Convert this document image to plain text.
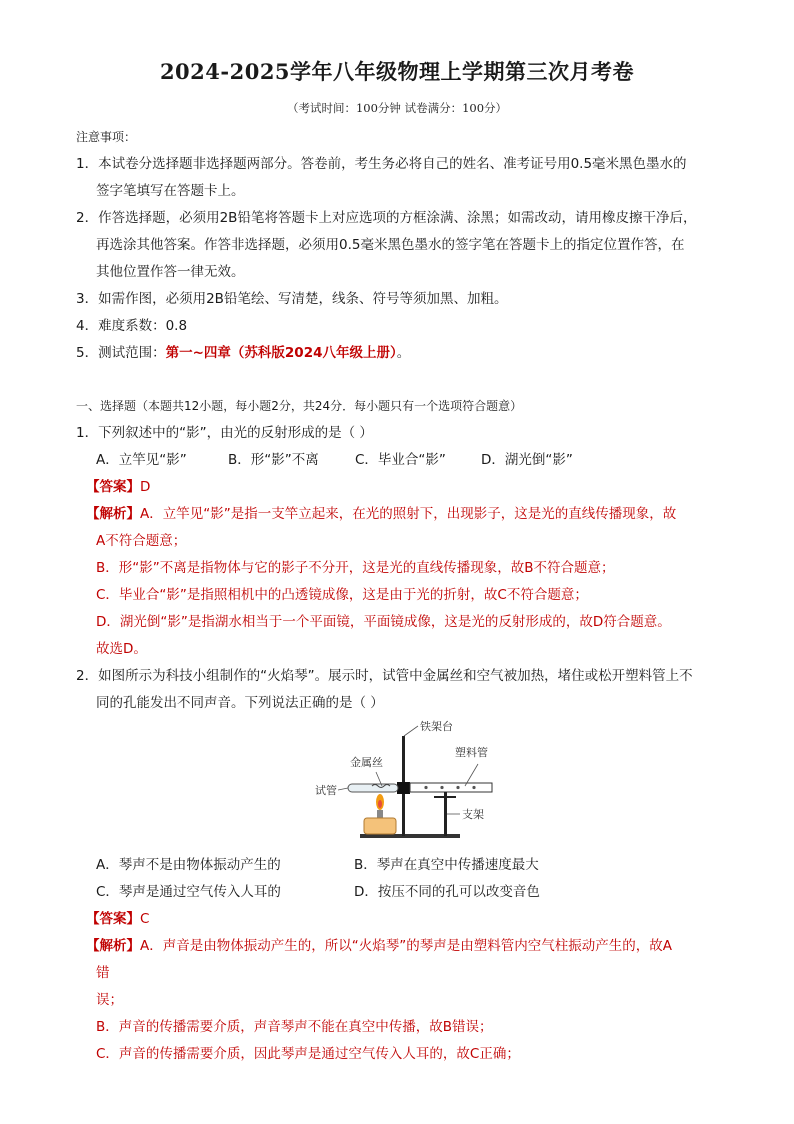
2024-2025学年八年级物理上学期第三次月考卷
（考试时间：100分钟 试卷满分：100分）
注意事项：
1．本试卷分选择题非选择题两部分。答卷前，考生务必将自己的姓名、准考证号用0.5毫米黑色墨水的
签字笔填写在答题卡上。
2．作答选择题，必须用2B铅笔将答题卡上对应选项的方框涂满、涂黑；如需改动，请用橡皮擦干净后，
再选涂其他答案。作答非选择题，必须用0.5毫米黑色墨水的签字笔在答题卡上的指定位置作答，在
其他位置作答一律无效。
3．如需作图，必须用2B铅笔绘、写清楚，线条、符号等须加黑、加粗。
4．难度系数：0.8
5．测试范围：第一~四章（苏科版2024八年级上册）。
一、选择题（本题共12小题，每小题2分，共24分．每小题只有一个选项符合题意）
1．下列叙述中的“影”，由光的反射形成的是（ ）
A．立竿见“影”	B．形“影”不离	C．毕业合“影”	D．湖光倒“影”
【答案】D
【解析】A．立竿见“影”是指一支竿立起来，在光的照射下，出现影子，这是光的直线传播现象，故
A不符合题意；
B．形“影”不离是指物体与它的影子不分开，这是光的直线传播现象，故B不符合题意；
C．毕业合“影”是指照相机中的凸透镜成像，这是由于光的折射，故C不符合题意；
D．湖光倒“影”是指湖水相当于一个平面镜，平面镜成像，这是光的反射形成的，故D符合题意。
故选D。
2．如图所示为科技小组制作的“火焰琴”。展示时，试管中金属丝和空气被加热，堵住或松开塑料管上不
同的孔能发出不同声音。下列说法正确的是（ ）
铁架台
塑料管
金属丝
试管
支架
A．琴声不是由物体振动产生的	B．琴声在真空中传播速度最大
C．琴声是通过空气传入人耳的	D．按压不同的孔可以改变音色
【答案】C
【解析】A．声音是由物体振动产生的，所以“火焰琴”的琴声是由塑料管内空气柱振动产生的，故A
错
误；
B．声音的传播需要介质，声音琴声不能在真空中传播，故B错误；
C．声音的传播需要介质，因此琴声是通过空气传入人耳的，故C正确；
